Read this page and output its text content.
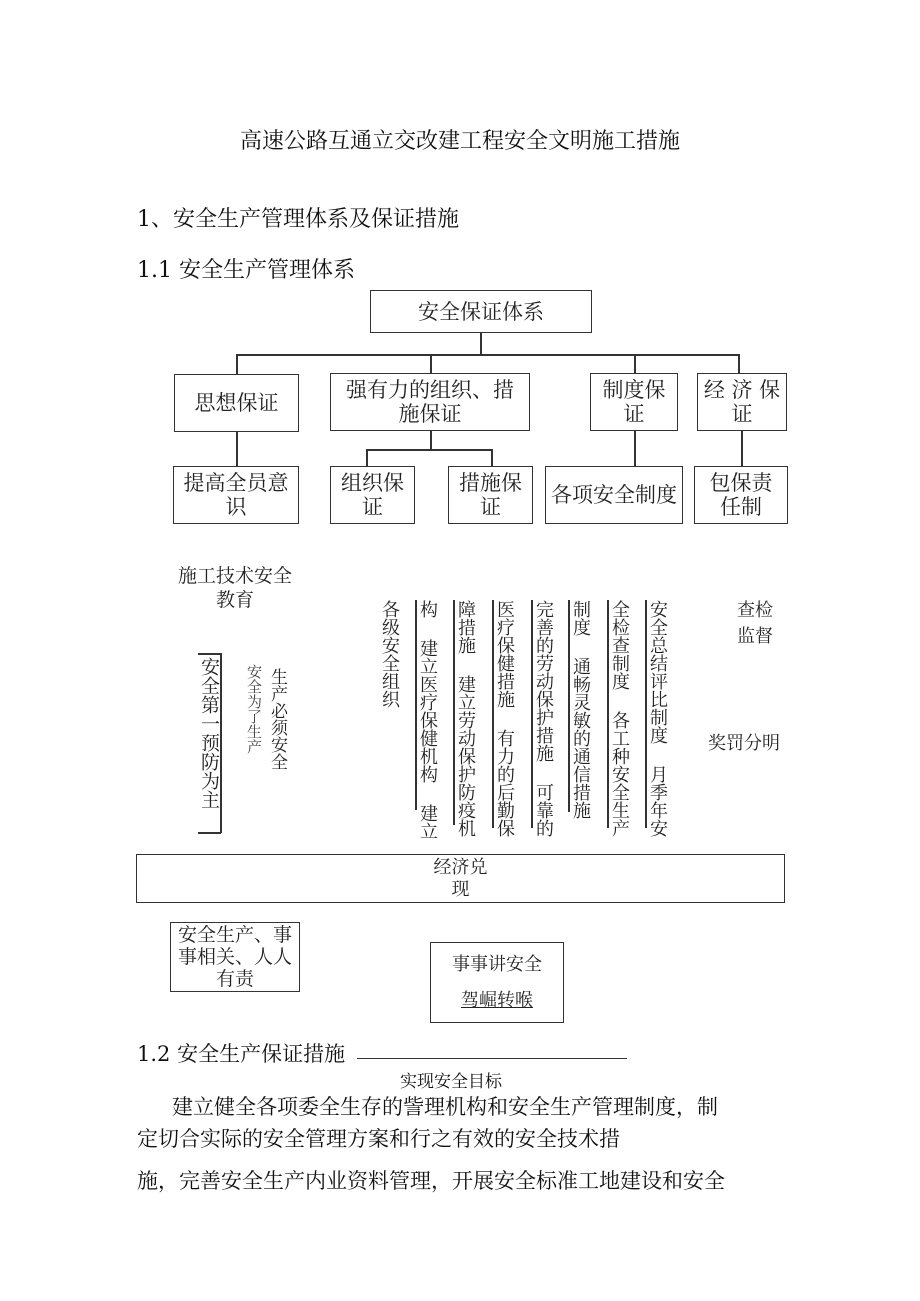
高速公路互通立交改建工程安全文明施工措施
1、安全生产管理体系及保证措施
1.1 安全生产管理体系
安全保证体系
思想保证
强有力的组织、措施保证
制度保证
经 济 保证
提高全员意识
组织保证
措施保证	各项安全制度	包保责任制
施工技术安全教育
安全第一预防为主	生产必须安全
安全为了生产
各级安全组织 构 建立医疗保健机构 建立 障措施 建立劳动保护防疫机 医疗保健措施 有力的后勤保 完善的劳动保护措施 可靠的 制度 通畅灵敏的通信措施 全检查制度 各工种安全生产 安全总结评比制度 月季年安	查检监督
奖罚分明
经济兑现
安全生产、事事相关、人人有责
事事讲安全
驾崛转喉
1.2 安全生产保证措施
实现安全目标
建立健全各项委全生存的訾理机构和安全生产管理制度，制
定切合实际的安全管理方案和行之有效的安全技术措
施，完善安全生产内业资料管理，开展安全标准工地建设和安全
